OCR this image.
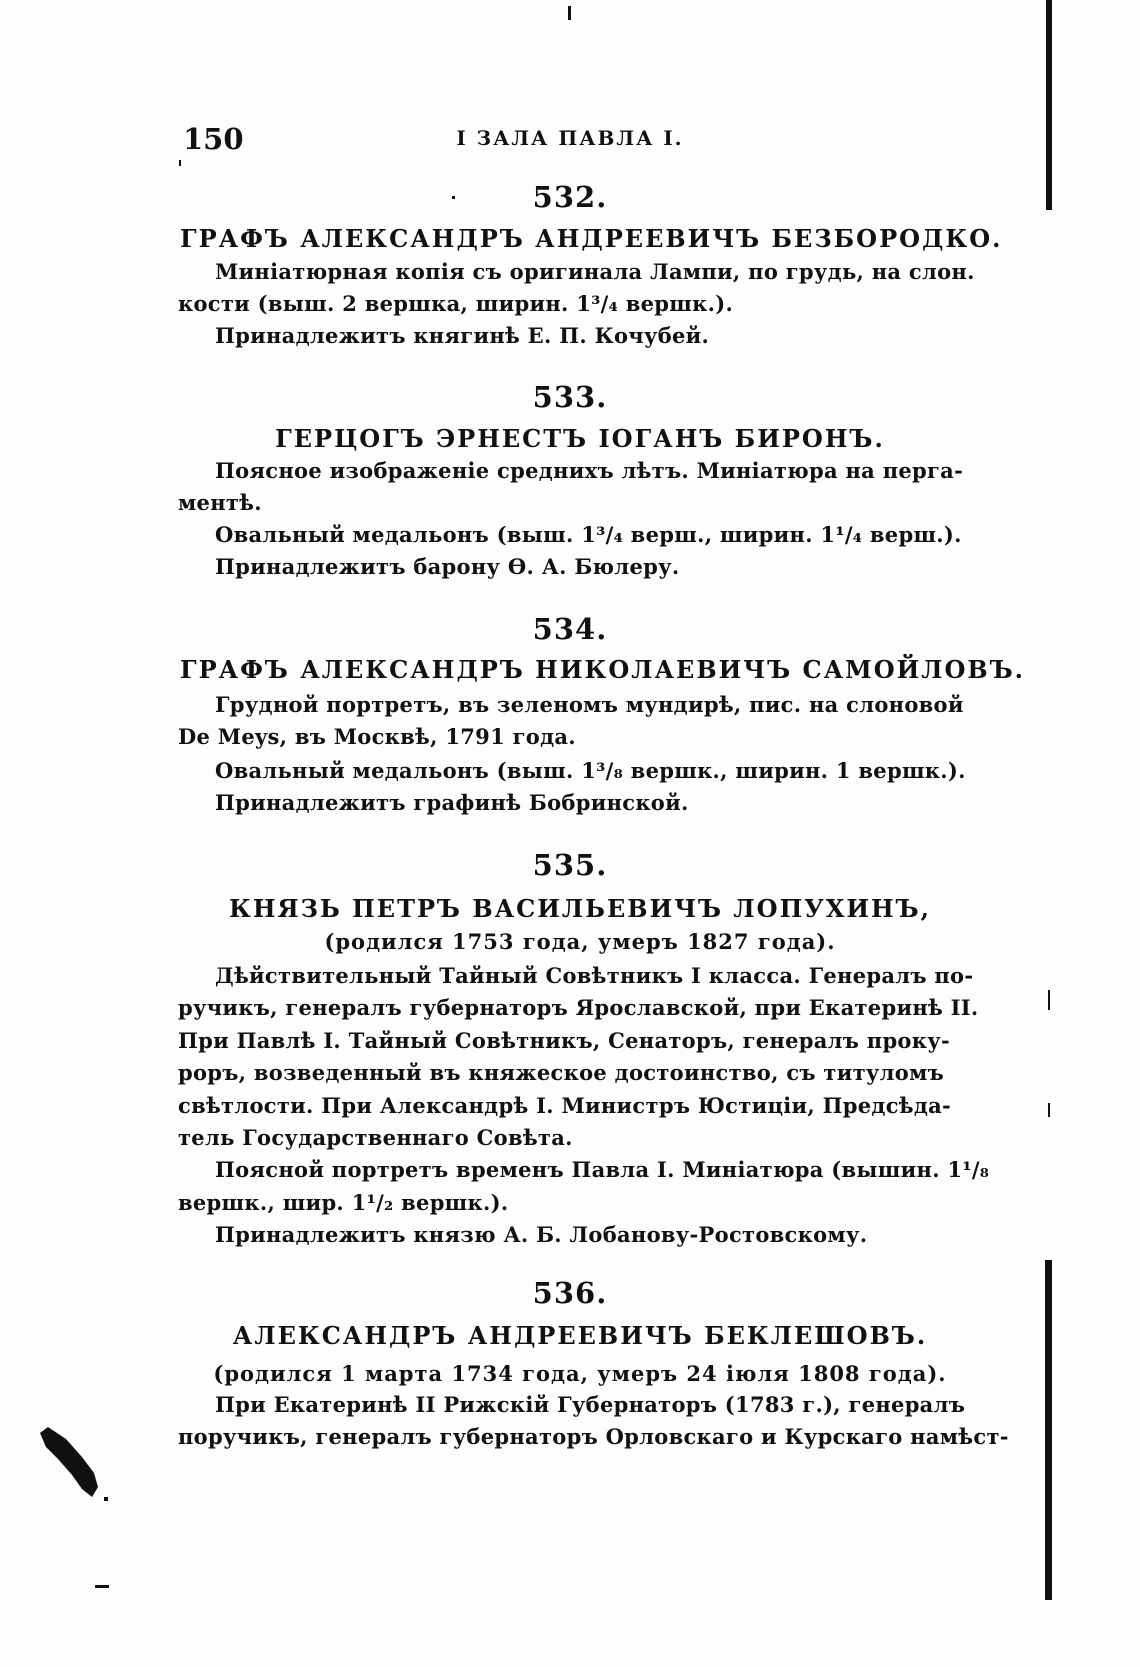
150	I ЗАЛА ПАВЛА I.
532.
ГРАФЪ АЛЕКСАНДРЪ АНДРЕЕВИЧЪ БЕЗБОРОДКО.
Миніатюрная копія съ оригинала Лампи, по грудь, на слон.
кости (выш. 2 вершка, ширин. 1³/₄ вершк.).
Принадлежитъ княгинѣ Е. П. Кочубей.
533.
ГЕРЦОГЪ ЭРНЕСТЪ ІОГАНЪ БИРОНЪ.
Поясное изображеніе среднихъ лѣтъ. Миніатюра на перга-
ментѣ.
Овальный медальонъ (выш. 1³/₄ верш., ширин. 1¹/₄ верш.).
Принадлежитъ барону Ѳ. А. Бюлеру.
534.
ГРАФЪ АЛЕКСАНДРЪ НИКОЛАЕВИЧЪ САМОЙЛОВЪ.
Грудной портретъ, въ зеленомъ мундирѣ, пис. на слоновой
De Meys, въ Москвѣ, 1791 года.
Овальный медальонъ (выш. 1³/₈ вершк., ширин. 1 вершк.).
Принадлежитъ графинѣ Бобринской.
535.
КНЯЗЬ ПЕТРЪ ВАСИЛЬЕВИЧЪ ЛОПУХИНЪ,
(родился 1753 года, умеръ 1827 года).
Дѣйствительный Тайный Совѣтникъ I класса. Генералъ по-
ручикъ, генералъ губернаторъ Ярославской, при Екатеринѣ II.
При Павлѣ I. Тайный Совѣтникъ, Сенаторъ, генералъ проку-
роръ, возведенный въ княжеское достоинство, съ титуломъ
свѣтлости. При Александрѣ I. Министръ Юстиціи, Предсѣда-
тель Государственнаго Совѣта.
Поясной портретъ временъ Павла I. Миніатюра (вышин. 1¹/₈
вершк., шир. 1¹/₂ вершк.).
Принадлежитъ князю А. Б. Лобанову-Ростовскому.
536.
АЛЕКСАНДРЪ АНДРЕЕВИЧЪ БЕКЛЕШОВЪ.
(родился 1 марта 1734 года, умеръ 24 іюля 1808 года).
При Екатеринѣ II Рижскій Губернаторъ (1783 г.), генералъ
поручикъ, генералъ губернаторъ Орловскаго и Курскаго намѣст-
